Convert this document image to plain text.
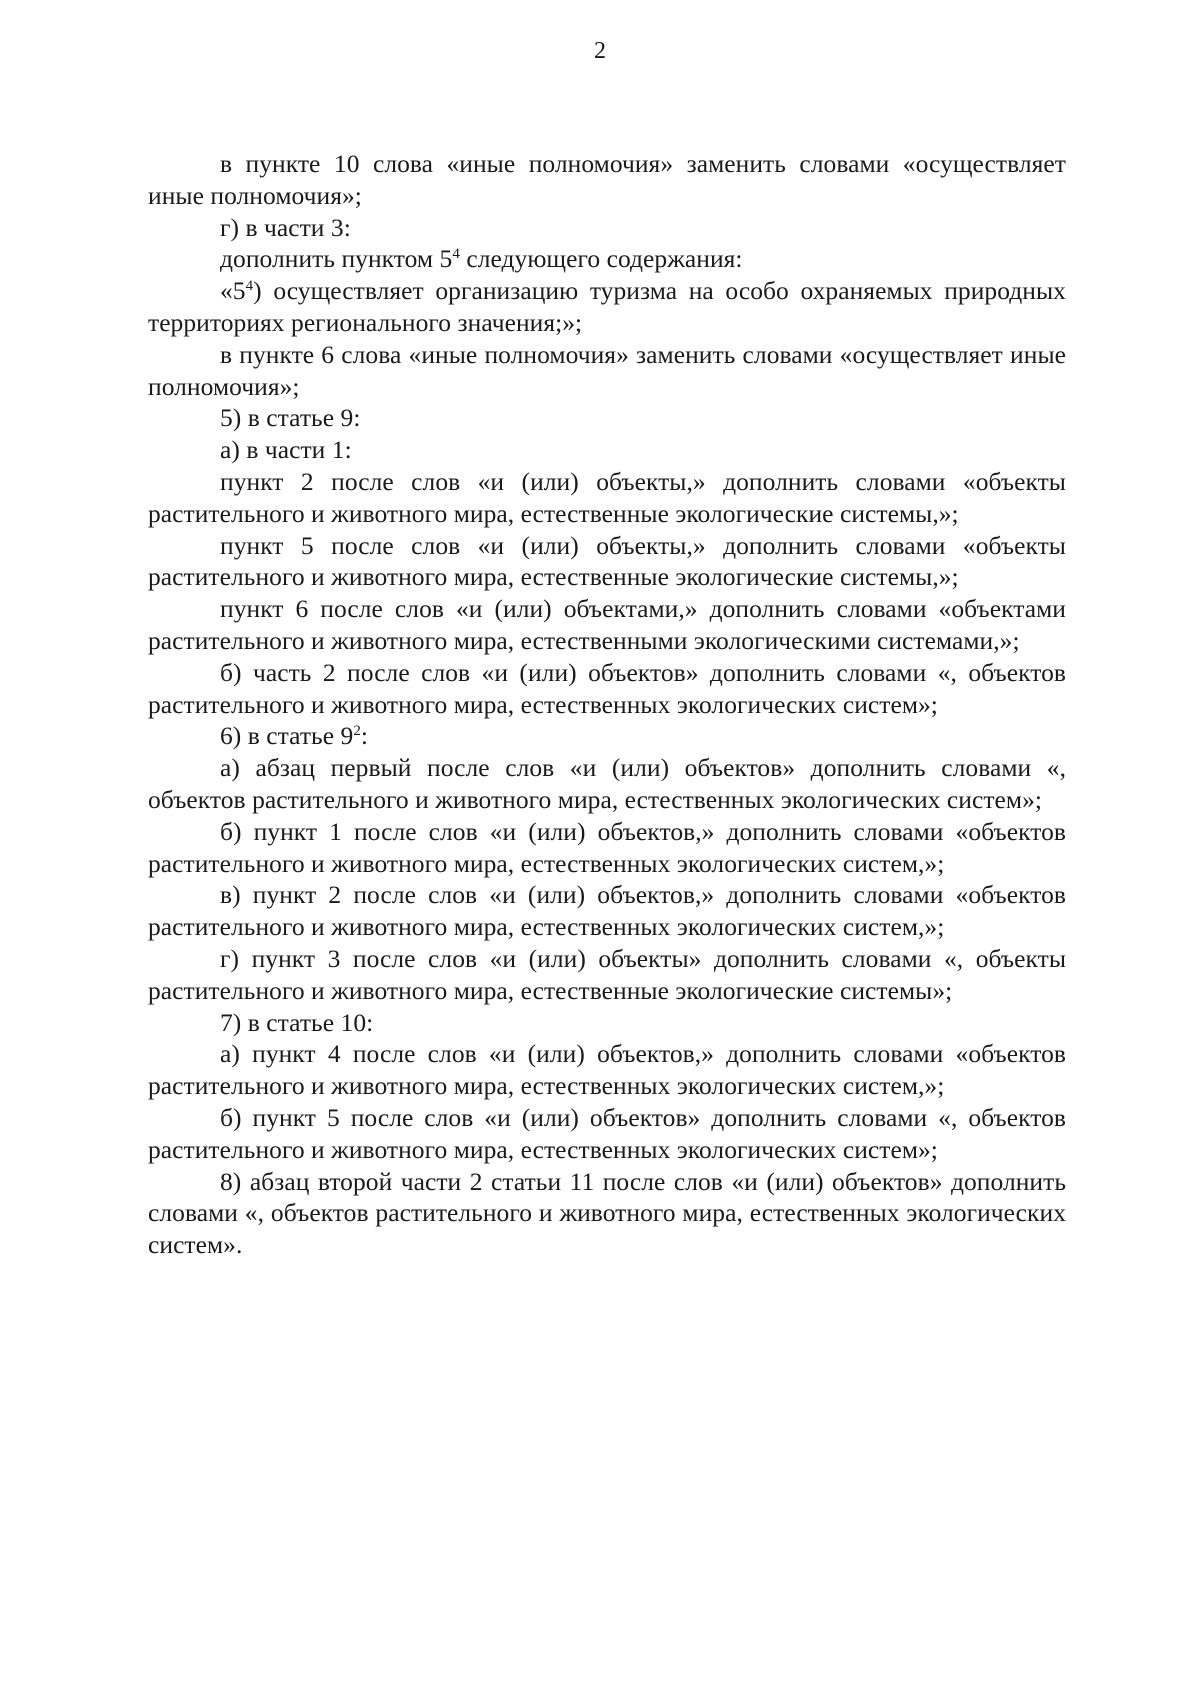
2

в пункте 10 слова «иные полномочия» заменить словами «осуществляет иные полномочия»;

г) в части 3:

дополнить пунктом $5^4$ следующего содержания:

«$5^4$) осуществляет организацию туризма на особо охраняемых природных территориях регионального значения;»;

в пункте 6 слова «иные полномочия» заменить словами «осуществляет иные полномочия»;

5) в статье 9:

а) в части 1:

пункт 2 после слов «и (или) объекты,» дополнить словами «объекты растительного и животного мира, естественные экологические системы,»;

пункт 5 после слов «и (или) объекты,» дополнить словами «объекты растительного и животного мира, естественные экологические системы,»;

пункт 6 после слов «и (или) объектами,» дополнить словами «объектами растительного и животного мира, естественными экологическими системами,»;

б) часть 2 после слов «и (или) объектов» дополнить словами «, объектов растительного и животного мира, естественных экологических систем»;

6) в статье $9^2$:

а) абзац первый после слов «и (или) объектов» дополнить словами «, объектов растительного и животного мира, естественных экологических систем»;

б) пункт 1 после слов «и (или) объектов,» дополнить словами «объектов растительного и животного мира, естественных экологических систем,»;

в) пункт 2 после слов «и (или) объектов,» дополнить словами «объектов растительного и животного мира, естественных экологических систем,»;

г) пункт 3 после слов «и (или) объекты» дополнить словами «, объекты растительного и животного мира, естественные экологические системы»;

7) в статье 10:

а) пункт 4 после слов «и (или) объектов,» дополнить словами «объектов растительного и животного мира, естественных экологических систем,»;

б) пункт 5 после слов «и (или) объектов» дополнить словами «, объектов растительного и животного мира, естественных экологических систем»;

8) абзац второй части 2 статьи 11 после слов «и (или) объектов» дополнить словами «, объектов растительного и животного мира, естественных экологических систем».
